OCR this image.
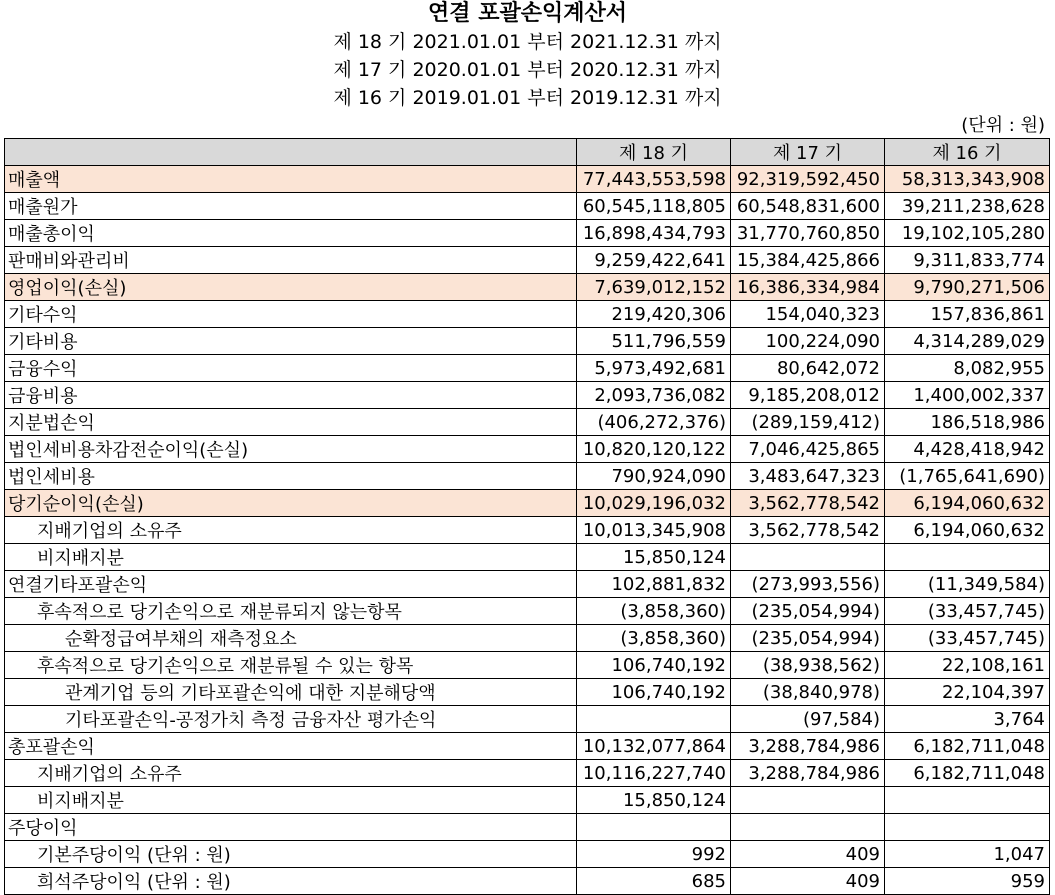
연결 포괄손익계산서
제 18 기 2021.01.01 부터 2021.12.31 까지
제 17 기 2020.01.01 부터 2020.12.31 까지
제 16 기 2019.01.01 부터 2019.12.31 까지
(단위 : 원)
	제 18 기	제 17 기	제 16 기
매출액	77,443,553,598	92,319,592,450	58,313,343,908
매출원가	60,545,118,805	60,548,831,600	39,211,238,628
매출총이익	16,898,434,793	31,770,760,850	19,102,105,280
판매비와관리비	9,259,422,641	15,384,425,866	9,311,833,774
영업이익(손실)	7,639,012,152	16,386,334,984	9,790,271,506
기타수익	219,420,306	154,040,323	157,836,861
기타비용	511,796,559	100,224,090	4,314,289,029
금융수익	5,973,492,681	80,642,072	8,082,955
금융비용	2,093,736,082	9,185,208,012	1,400,002,337
지분법손익	(406,272,376)	(289,159,412)	186,518,986
법인세비용차감전순이익(손실)	10,820,120,122	7,046,425,865	4,428,418,942
법인세비용	790,924,090	3,483,647,323	(1,765,641,690)
당기순이익(손실)	10,029,196,032	3,562,778,542	6,194,060,632
지배기업의 소유주	10,013,345,908	3,562,778,542	6,194,060,632
비지배지분	15,850,124		
연결기타포괄손익	102,881,832	(273,993,556)	(11,349,584)
후속적으로 당기손익으로 재분류되지 않는항목	(3,858,360)	(235,054,994)	(33,457,745)
순확정급여부채의 재측정요소	(3,858,360)	(235,054,994)	(33,457,745)
후속적으로 당기손익으로 재분류될 수 있는 항목	106,740,192	(38,938,562)	22,108,161
관계기업 등의 기타포괄손익에 대한 지분해당액	106,740,192	(38,840,978)	22,104,397
기타포괄손익-공정가치 측정 금융자산 평가손익		(97,584)	3,764
총포괄손익	10,132,077,864	3,288,784,986	6,182,711,048
지배기업의 소유주	10,116,227,740	3,288,784,986	6,182,711,048
비지배지분	15,850,124		
주당이익			
기본주당이익 (단위 : 원)	992	409	1,047
희석주당이익 (단위 : 원)	685	409	959
